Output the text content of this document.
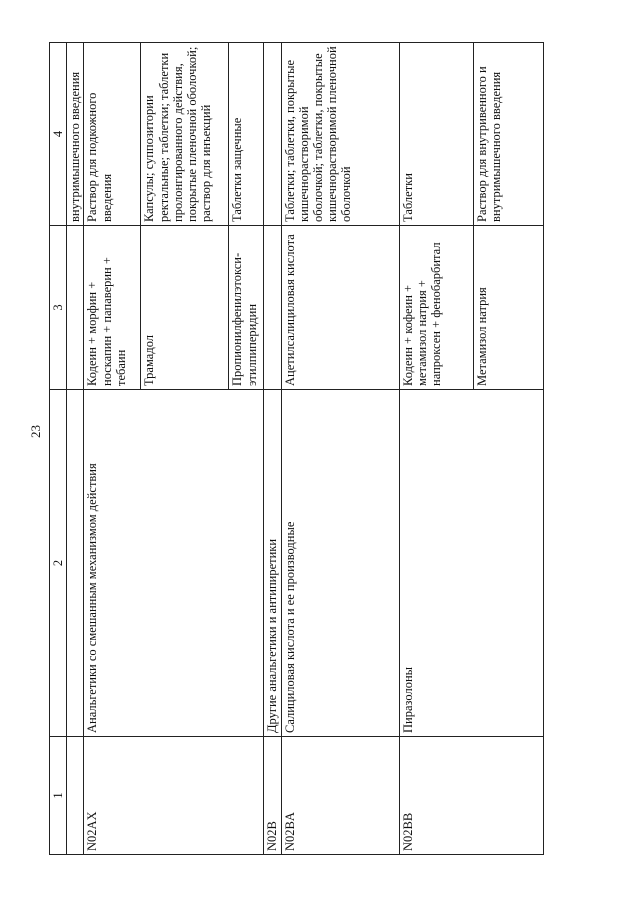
23
1	2	3	4
			внутримышечного введения
N02AX	Анальгетики со смешанным механизмом действия	Кодеин + морфин + носкапин + папаверин + тебаин	Раствор для подкожного введения
		Трамадол	Капсулы; суппозитории ректальные; таблетки; таблетки пролонгированного действия, покрытые пленочной оболочкой; раствор для инъекций
		Пропионилфенилэтокси-этилпиперидин	Таблетки защечные
N02B	Другие анальгетики и антипиретики		
N02BA	Салициловая кислота и ее производные	Ацетилсалициловая кислота	Таблетки; таблетки, покрытые кишечнорастворимой оболочкой; таблетки, покрытые кишечнорастворимой пленочной оболочкой
N02BB	Пиразолоны	Кодеин + кофеин + метамизол натрия + напроксен + фенобарбитал	Таблетки
		Метамизол натрия	Раствор для внутривенного и внутримышечного введения
